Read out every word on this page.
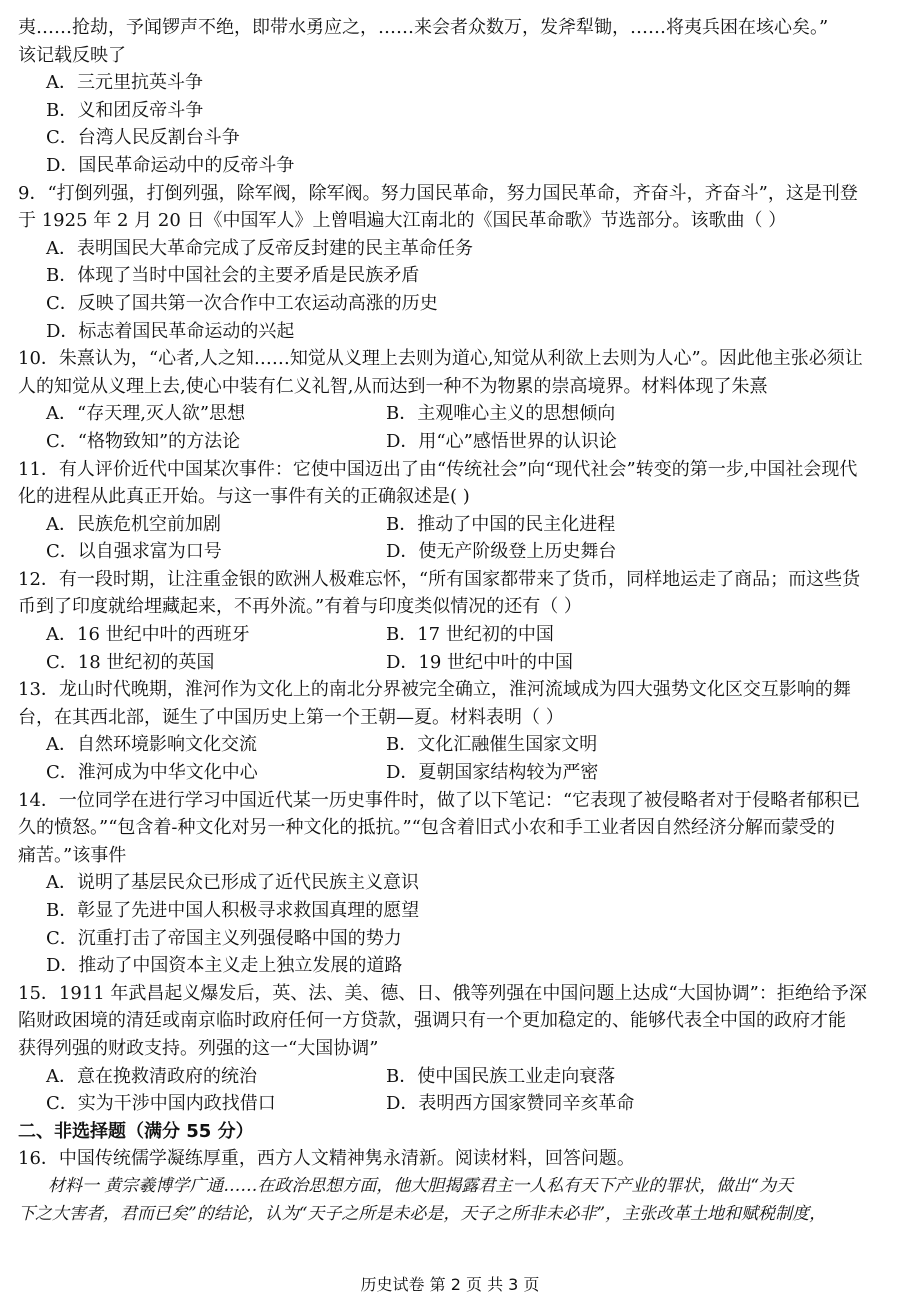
夷……抢劫，予闻锣声不绝，即带水勇应之，……来会者众数万，发斧犁锄，……将夷兵困在垓心矣。”
该记载反映了
A．三元里抗英斗争
B．义和团反帝斗争
C．台湾人民反割台斗争
D．国民革命运动中的反帝斗争
9．“打倒列强，打倒列强，除军阀，除军阀。努力国民革命，努力国民革命，齐奋斗，齐奋斗”，这是刊登
于 1925 年 2 月 20 日《中国军人》上曾唱遍大江南北的《国民革命歌》节选部分。该歌曲（ ）
A．表明国民大革命完成了反帝反封建的民主革命任务
B．体现了当时中国社会的主要矛盾是民族矛盾
C．反映了国共第一次合作中工农运动高涨的历史
D．标志着国民革命运动的兴起
10．朱熹认为，“心者,人之知……知觉从义理上去则为道心,知觉从利欲上去则为人心”。因此他主张必须让
人的知觉从义理上去,使心中装有仁义礼智,从而达到一种不为物累的崇高境界。材料体现了朱熹
A．“存天理,灭人欲”思想	B．主观唯心主义的思想倾向
C．“格物致知”的方法论	D．用“心”感悟世界的认识论
11．有人评价近代中国某次事件：它使中国迈出了由“传统社会”向“现代社会”转变的第一步,中国社会现代
化的进程从此真正开始。与这一事件有关的正确叙述是( )
A．民族危机空前加剧	B．推动了中国的民主化进程
C．以自强求富为口号	D．使无产阶级登上历史舞台
12．有一段时期，让注重金银的欧洲人极难忘怀，“所有国家都带来了货币，同样地运走了商品；而这些货
币到了印度就给埋藏起来，不再外流。”有着与印度类似情况的还有（ ）
A．16 世纪中叶的西班牙	B．17 世纪初的中国
C．18 世纪初的英国	D．19 世纪中叶的中国
13．龙山时代晚期，淮河作为文化上的南北分界被完全确立，淮河流域成为四大强势文化区交互影响的舞
台，在其西北部，诞生了中国历史上第一个王朝—夏。材料表明（ ）
A．自然环境影响文化交流	B．文化汇融催生国家文明
C．淮河成为中华文化中心	D．夏朝国家结构较为严密
14．一位同学在进行学习中国近代某一历史事件时，做了以下笔记：“它表现了被侵略者对于侵略者郁积已
久的愤怒。”“包含着-种文化对另一种文化的抵抗。”“包含着旧式小农和手工业者因自然经济分解而蒙受的
痛苦。”该事件
A．说明了基层民众已形成了近代民族主义意识
B．彰显了先进中国人积极寻求救国真理的愿望
C．沉重打击了帝国主义列强侵略中国的势力
D．推动了中国资本主义走上独立发展的道路
15．1911 年武昌起义爆发后，英、法、美、德、日、俄等列强在中国问题上达成“大国协调”：拒绝给予深
陷财政困境的清廷或南京临时政府任何一方贷款，强调只有一个更加稳定的、能够代表全中国的政府才能
获得列强的财政支持。列强的这一“大国协调”
A．意在挽救清政府的统治	B．使中国民族工业走向衰落
C．实为干涉中国内政找借口	D．表明西方国家赞同辛亥革命
二、非选择题（满分 55 分）
16．中国传统儒学凝练厚重，西方人文精神隽永清新。阅读材料，回答问题。
材料一 黄宗羲博学广通……在政治思想方面，他大胆揭露君主一人私有天下产业的罪状，做出“为天
下之大害者，君而已矣”的结论，认为“天子之所是未必是，天子之所非未必非”，主张改革土地和赋税制度，
历史试卷 第 2 页 共 3 页
